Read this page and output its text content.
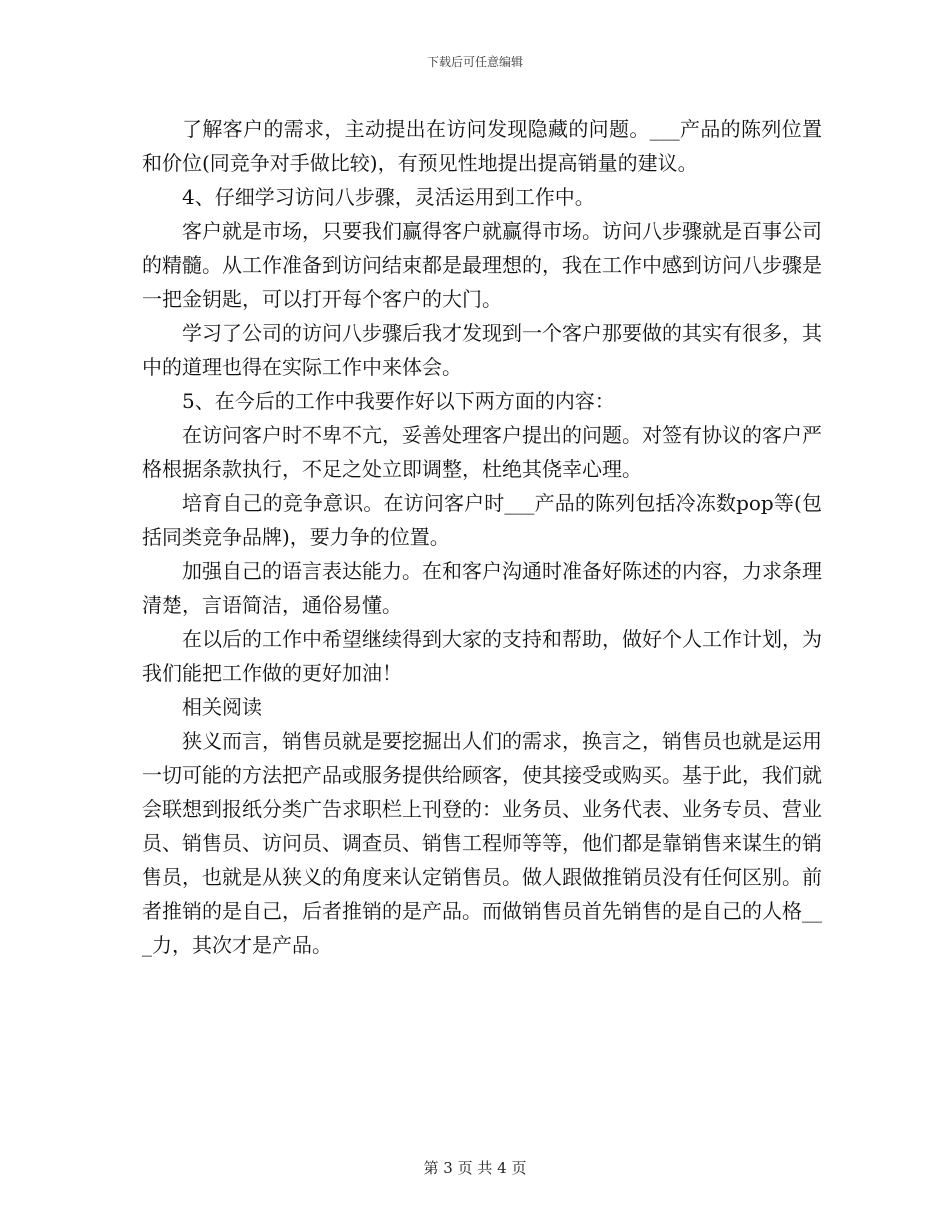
下载后可任意编辑

了解客户的需求，主动提出在访问发现隐藏的问题。___产品的陈列位置和价位(同竞争对手做比较)，有预见性地提出提高销量的建议。

4、仔细学习访问八步骤，灵活运用到工作中。

客户就是市场，只要我们赢得客户就赢得市场。访问八步骤就是百事公司的精髓。从工作准备到访问结束都是最理想的，我在工作中感到访问八步骤是一把金钥匙，可以打开每个客户的大门。

学习了公司的访问八步骤后我才发现到一个客户那要做的其实有很多，其中的道理也得在实际工作中来体会。

5、在今后的工作中我要作好以下两方面的内容：

在访问客户时不卑不亢，妥善处理客户提出的问题。对签有协议的客户严格根据条款执行，不足之处立即调整，杜绝其侥幸心理。

培育自己的竞争意识。在访问客户时___产品的陈列包括冷冻数pop等(包括同类竞争品牌)，要力争的位置。

加强自己的语言表达能力。在和客户沟通时准备好陈述的内容，力求条理清楚，言语简洁，通俗易懂。

在以后的工作中希望继续得到大家的支持和帮助，做好个人工作计划，为我们能把工作做的更好加油！

相关阅读

狭义而言，销售员就是要挖掘出人们的需求，换言之，销售员也就是运用一切可能的方法把产品或服务提供给顾客，使其接受或购买。基于此，我们就会联想到报纸分类广告求职栏上刊登的：业务员、业务代表、业务专员、营业员、销售员、访问员、调查员、销售工程师等等，他们都是靠销售来谋生的销售员，也就是从狭义的角度来认定销售员。做人跟做推销员没有任何区别。前者推销的是自己，后者推销的是产品。而做销售员首先销售的是自己的人格___力，其次才是产品。

第 3 页 共 4 页
